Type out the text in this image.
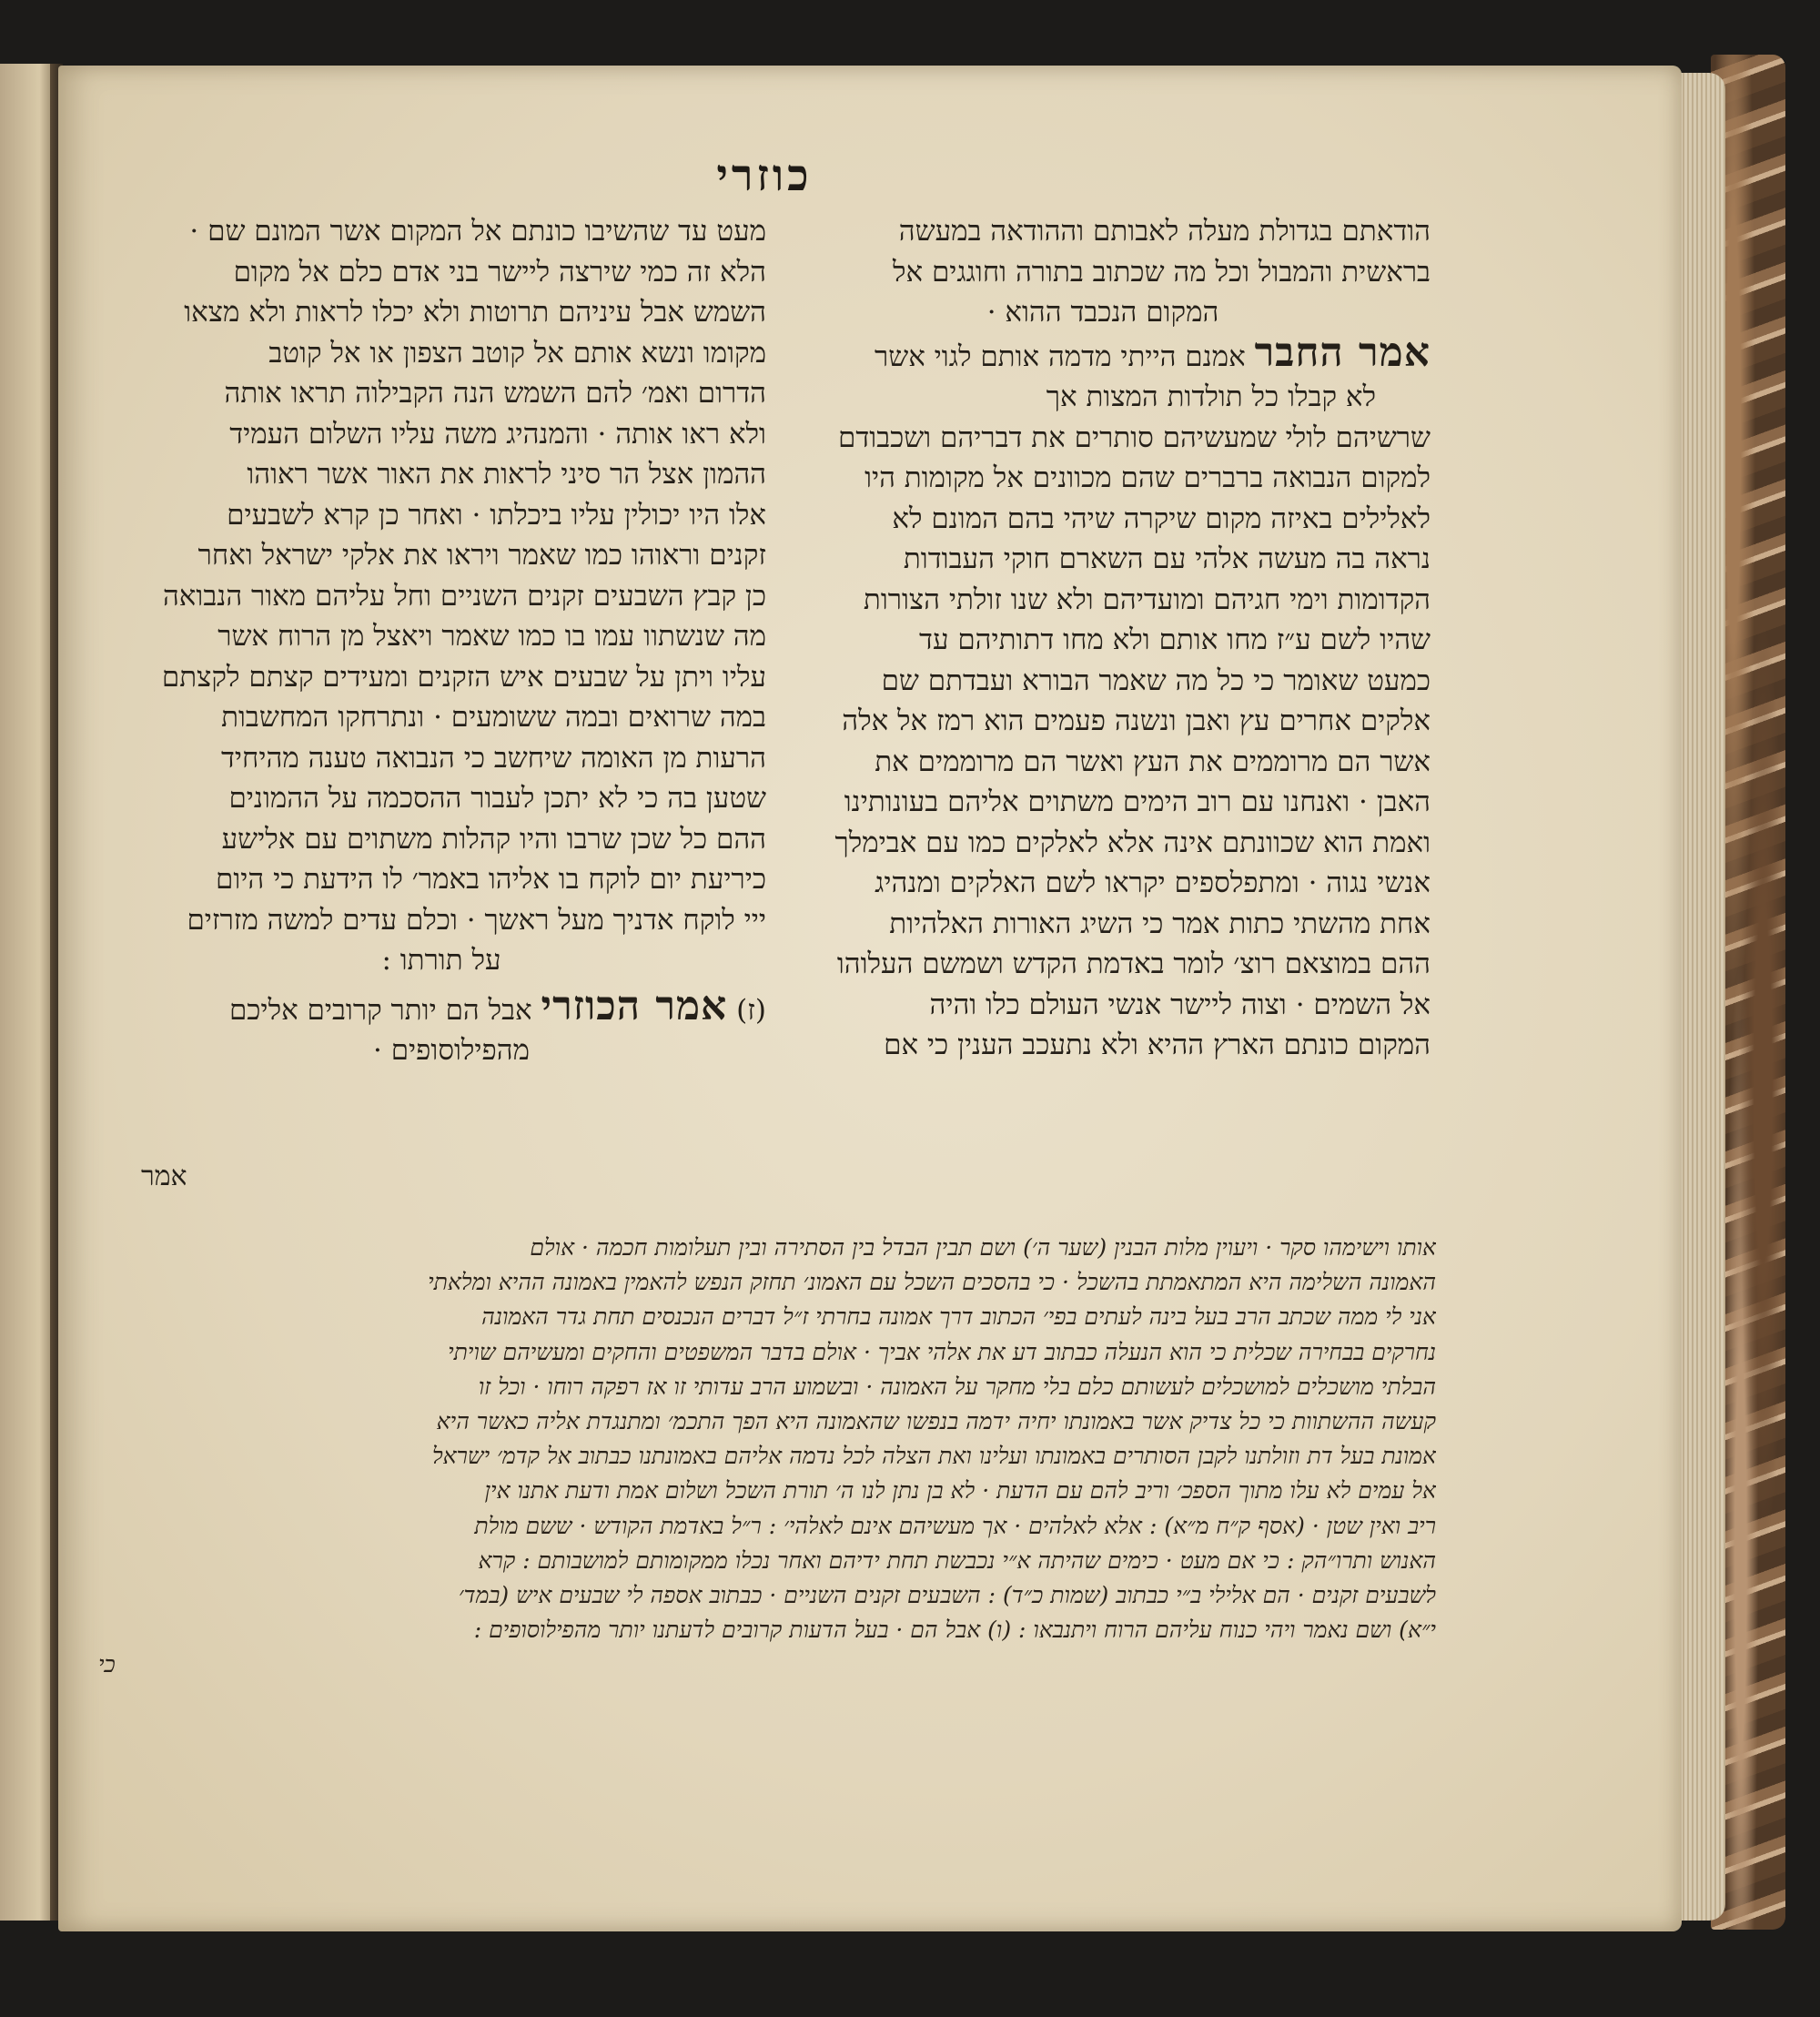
כוזרי
הודאתם בגדולת מעלה לאבותם וההודאה במעשה
בראשית והמבול וכל מה שכתוב בתורה וחוגגים אל
המקום הנכבד ההוא ·
אמר החבר אמנם הייתי מדמה אותם לגוי אשר
לא קבלו כל תולדות המצות אך
שרשיהם לולי שמעשיהם סותרים את דבריהם ושכבודם
למקום הנבואה ברברים שהם מכוונים אל מקומות היו
לאלילים באיזה מקום שיקרה שיהי בהם המונם לא
נראה בה מעשה אלהי עם השארם חוקי העבודות
הקדומות וימי חגיהם ומועדיהם ולא שנו זולתי הצורות
שהיו לשם ע״ז מחו אותם ולא מחו דתותיהם עד
כמעט שאומר כי כל מה שאמר הבורא ועבדתם שם
אלקים אחרים עץ ואבן ונשנה פעמים הוא רמז אל אלה
אשר הם מרוממים את העץ ואשר הם מרוממים את
האבן · ואנחנו עם רוב הימים משתוים אליהם בעונותינו
ואמת הוא שכוונתם אינה אלא לאלקים כמו עם אבימלך
אנשי נגוה · ומתפלספים יקראו לשם האלקים ומנהיג
אחת מהשתי כתות אמר כי השיג האורות האלהיות
ההם במוצאם רוצ׳ לומר באדמת הקדש ושמשם העלוהו
אל השמים · וצוה ליישר אנשי העולם כלו והיה
המקום כונתם הארץ ההיא ולא נתעכב הענין כי אם
מעט עד שהשיבו כונתם אל המקום אשר המונם שם ·
הלא זה כמי שירצה ליישר בני אדם כלם אל מקום
השמש אבל עיניהם תרוטות ולא יכלו לראות ולא מצאו
מקומו ונשא אותם אל קוטב הצפון או אל קוטב
הדרום ואמ׳ להם השמש הנה הקבילוה תראו אותה
ולא ראו אותה · והמנהיג משה עליו השלום העמיד
ההמון אצל הר סיני לראות את האור אשר ראוהו
אלו היו יכולין עליו ביכלתו · ואחר כן קרא לשבעים
זקנים וראוהו כמו שאמר ויראו את אלקי ישראל ואחר
כן קבץ השבעים זקנים השניים וחל עליהם מאור הנבואה
מה שנשתוו עמו בו כמו שאמר ויאצל מן הרוח אשר
עליו ויתן על שבעים איש הזקנים ומעידים קצתם לקצתם
במה שרואים ובמה ששומעים · ונתרחקו המחשבות
הרעות מן האומה שיחשב כי הנבואה טענה מהיחיד
שטען בה כי לא יתכן לעבור ההסכמה על ההמונים
ההם כל שכן שרבו והיו קהלות משתוים עם אלישע
כיריעת יום לוקח בו אליהו באמר׳ לו הידעת כי היום
ייי לוקח אדניך מעל ראשך · וכלם עדים למשה מזרזים
על תורתו :
(ז) אמר הכוזרי אבל הם יותר קרובים אליכם
מהפילוסופים ·
אמר
אותו וישימהו סקר · ויעוין מלות הבנין (שער ה׳) ושם תבין הבדל בין הסתירה ובין תעלומות חכמה · אולם
האמונה השלימה היא המתאמתת בהשכל · כי בהסכים השכל עם האמונ׳ תחזק הנפש להאמין באמונה ההיא ומלאתי
אני לי ממה שכתב הרב בעל בינה לעתים בפי׳ הכתוב דרך אמונה בחרתי ז״ל דברים הנכנסים תחת גדר האמונה
נחרקים בבחירה שכלית כי הוא הנעלה כבתוב דע את אלהי אביך · אולם בדבר המשפטים והחקים ומעשיהם שויתי
הבלתי מושכלים למושכלים לעשותם כלם בלי מחקר על האמונה · ובשמוע הרב עדותי זו אז רפקה רוחו · וכל זו
קעשה ההשתוות כי כל צדיק אשר באמונתו יחיה ידמה בנפשו שהאמונה היא הפך התכמ׳ ומתנגדת אליה כאשר היא
אמונת בעל דת וזולתנו לקבן הסותרים באמונתו ועלינו ואת הצלה לכל נדמה אליהם באמונתנו כבתוב אל קדמ׳ ישראל
אל עמים לא עלו מתוך הספכ׳ וריב להם עם הדעת · לא בן נתן לנו ה׳ תורת השכל ושלום אמת ודעת אתנו אין
ריב ואין שטן · (אסף ק״ח מ״א) : אלא לאלהים · אך מעשיהם אינם לאלהי׳ : ר״ל באדמת הקודש · ששם מולת
האנוש ותרו״הק : כי אם מעט · כימים שהיתה א״י נכבשת תחת ידיהם ואחר נכלו ממקומותם למושבותם : קרא
לשבעים זקנים · הם אלילי ב״י כבתוב (שמות כ״ד) : השבעים זקנים השניים · כבתוב אספה לי שבעים איש (במד׳
י״א) ושם נאמר ויהי כנוח עליהם הרוח ויתנבאו : (ו) אבל הם · בעל הדעות קרובים לדעתנו יותר מהפילוסופים :
כי
